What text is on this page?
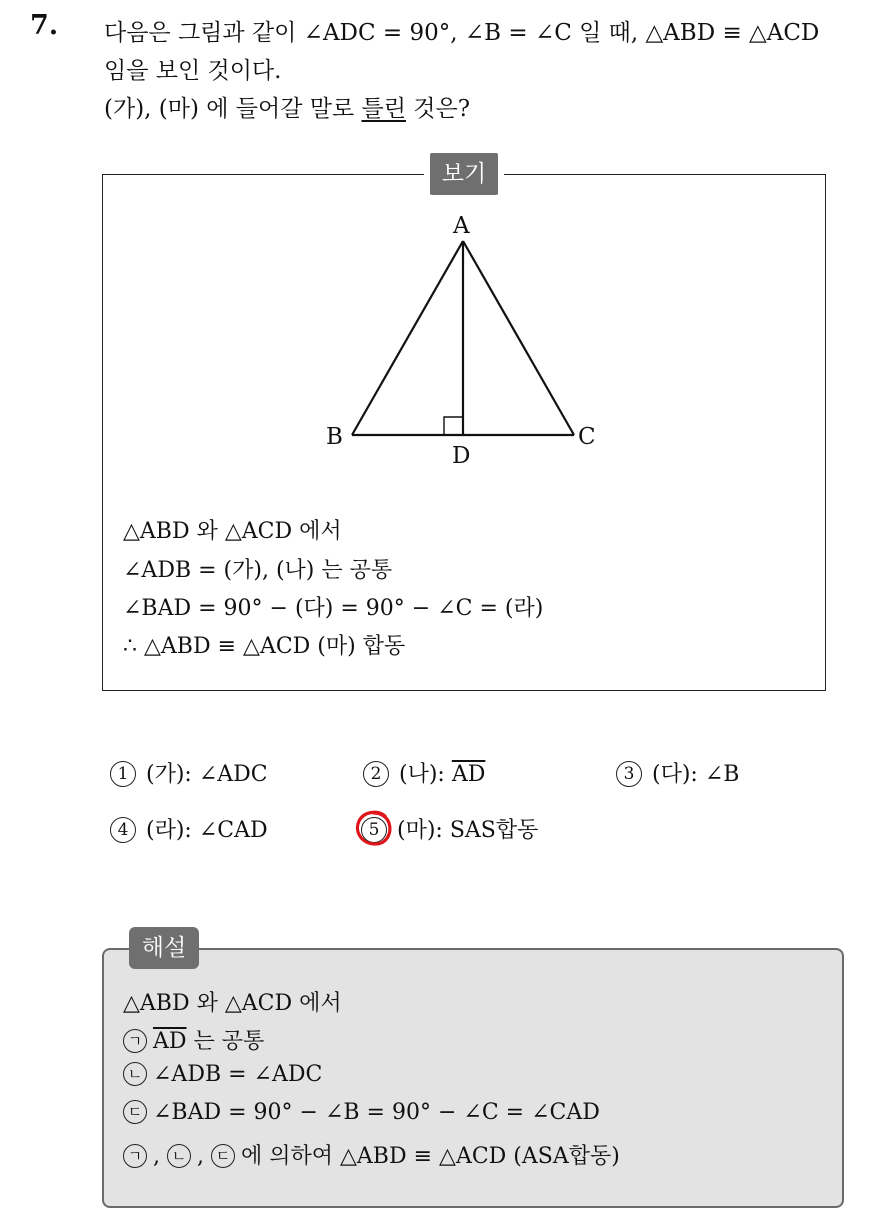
7. 다음은 그림과 같이 ∠ADC = 90°, ∠B = ∠C 일 때, △ABD ≡ △ACD
임을 보인 것이다.
(가), (마) 에 들어갈 말로 틀린 것은?
보기
A
B	C
D
△ABD 와 △ACD 에서
∠ADB = (가), (나) 는 공통
∠BAD = 90° − (다) = 90° − ∠C = (라)
∴ △ABD ≡ △ACD (마) 합동
1 (가): ∠ADC	2 (나): $\overline{AD}$	3 (다): ∠B
4 (라): ∠CAD	5 (마): SAS합동
해설
△ABD 와 △ACD 에서
ㄱ $\overline{AD}$ 는 공통
ㄴ ∠ADB = ∠ADC
ㄷ ∠BAD = 90° − ∠B = 90° − ∠C = ∠CAD
ㄱ , ㄴ , ㄷ 에 의하여 △ABD ≡ △ACD (ASA합동)
